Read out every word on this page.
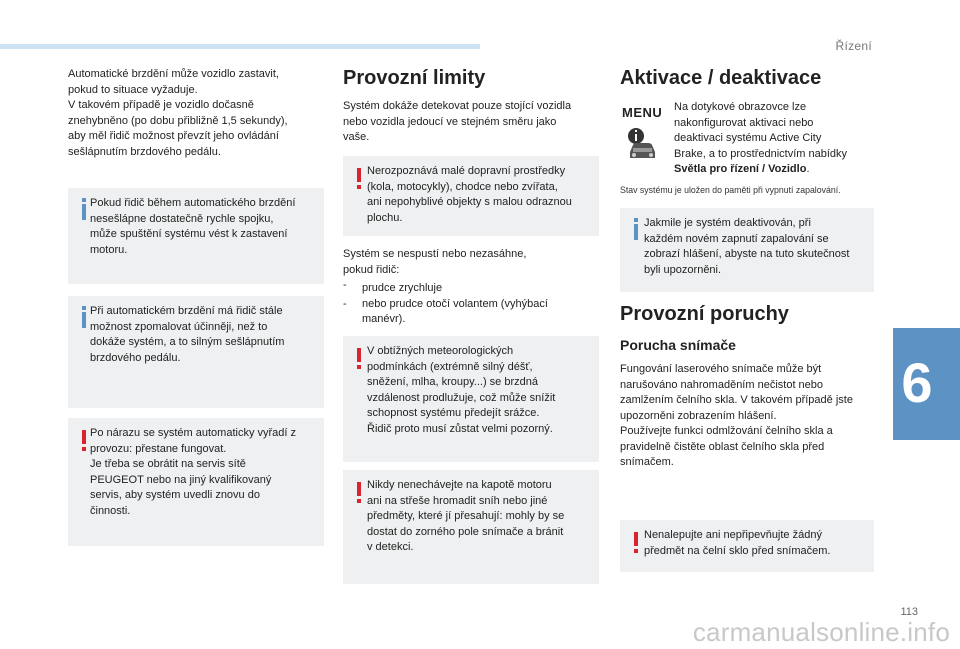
Řízení
Automatické brzdění může vozidlo zastavit,
pokud to situace vyžaduje.
V takovém případě je vozidlo dočasně
znehybněno (po dobu přibližně 1,5 sekundy),
aby měl řidič možnost převzít jeho ovládání
sešlápnutím brzdového pedálu.
Pokud řidič během automatického brzdění
nesešlápne dostatečně rychle spojku,
může spuštění systému vést k zastavení
motoru.
Při automatickém brzdění má řidič stále
možnost zpomalovat účinněji, než to
dokáže systém, a to silným sešlápnutím
brzdového pedálu.
Po nárazu se systém automaticky vyřadí z
provozu: přestane fungovat.
Je třeba se obrátit na servis sítě
PEUGEOT nebo na jiný kvalifikovaný
servis, aby systém uvedli znovu do
činnosti.
Provozní limity
Systém dokáže detekovat pouze stojící vozidla
nebo vozidla jedoucí ve stejném směru jako
vaše.
Nerozpoznává malé dopravní prostředky
(kola, motocykly), chodce nebo zvířata,
ani nepohyblivé objekty s malou odraznou
plochu.
Systém se nespustí nebo nezasáhne,
pokud řidič:
- prudce zrychluje
- nebo prudce otočí volantem (vyhýbací
manévr).
V obtížných meteorologických
podmínkách (extrémně silný déšť,
sněžení, mlha, kroupy...) se brzdná
vzdálenost prodlužuje, což může snížit
schopnost systému předejít srážce.
Řidič proto musí zůstat velmi pozorný.
Nikdy nenechávejte na kapotě motoru
ani na střeše hromadit sníh nebo jiné
předměty, které jí přesahují: mohly by se
dostat do zorného pole snímače a bránit
v detekci.
Aktivace / deaktivace
MENU Na dotykové obrazovce lze
nakonfigurovat aktivaci nebo
deaktivaci systému Active City
Brake, a to prostřednictvím nabídky
Světla pro řízení / Vozidlo.
Stav systému je uložen do paměti při vypnutí zapalování.
Jakmile je systém deaktivován, při
každém novém zapnutí zapalování se
zobrazí hlášení, abyste na tuto skutečnost
byli upozorněni.
Provozní poruchy
Porucha snímače
Fungování laserového snímače může být
narušováno nahromaděním nečistot nebo
zamlžením čelního skla. V takovém případě jste
upozorněni zobrazením hlášení.
Používejte funkci odmlžování čelního skla a
pravidelně čistěte oblast čelního skla před
snímačem.
Nenalepujte ani nepřipevňujte žádný
předmět na čelní sklo před snímačem.
6
113
carmanualsonline.info
